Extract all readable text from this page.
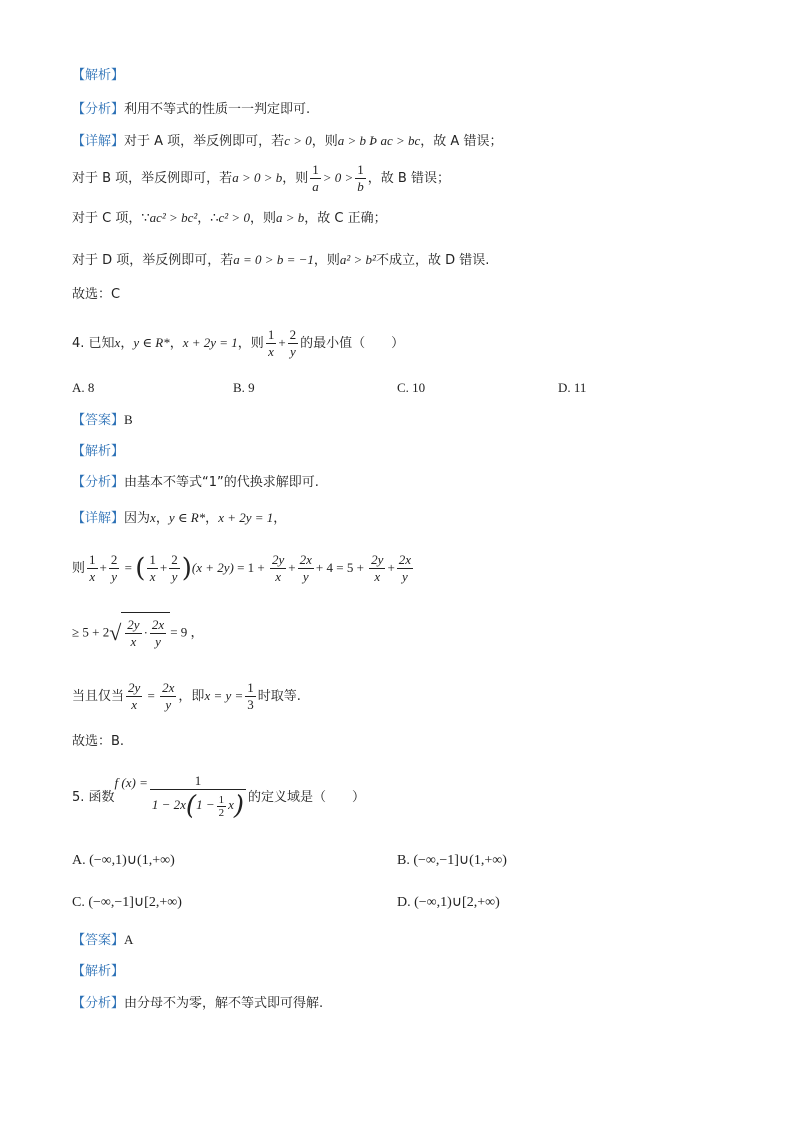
【解析】
【分析】利用不等式的性质一一判定即可.
【详解】对于 A 项，举反例即可，若c > 0，则a > b Þ ac > bc，故 A 错误；
对于 B 项，举反例即可，若a > 0 > b，则 $\frac{1}{a} > 0 > \frac{1}{b}$ ，故 B 错误；
对于 C 项，∵ac² > bc²，∴c² > 0，则a > b，故 C 正确；
对于 D 项，举反例即可，若a = 0 > b = −1，则a² > b²不成立，故 D 错误.
故选：C
4. 已知x，y ∈ R*，x + 2y = 1，则 $\frac{1}{x} + \frac{2}{y}$ 的最小值（　　）
A. 8	B. 9	C. 10	D. 11
【答案】B
【解析】
【分析】由基本不等式“1”的代换求解即可.
【详解】因为x，y ∈ R*，x + 2y = 1，
则 $\frac{1}{x} + \frac{2}{y}$ = ( $\frac{1}{x} + \frac{2}{y} )(x + 2y) = 1 + \frac{2y}{x} + \frac{2x}{y} + 4 = 5 + \frac{2y}{x} + \frac{2x}{y}$
≥ $5 + 2√ \frac{2y}{x} \cdot \frac{2x}{y} = 9$ ，
当且仅当 $\frac{2y}{x} = \frac{2x}{y}$ ，即$x = y = \frac{1}{3}$ 时取等.
故选：B.
5. 函数f $(x) = \frac{1}{1 - 2x(1 - \frac{1}{2} x)}$ 的定义域是（　　）
A. (−∞,1)∪(1,+∞)	B. (−∞,−1]∪(1,+∞)
C. (−∞,−1]∪[2,+∞)	D. (−∞,1)∪[2,+∞)
【答案】A
【解析】
【分析】由分母不为零，解不等式即可得解.
